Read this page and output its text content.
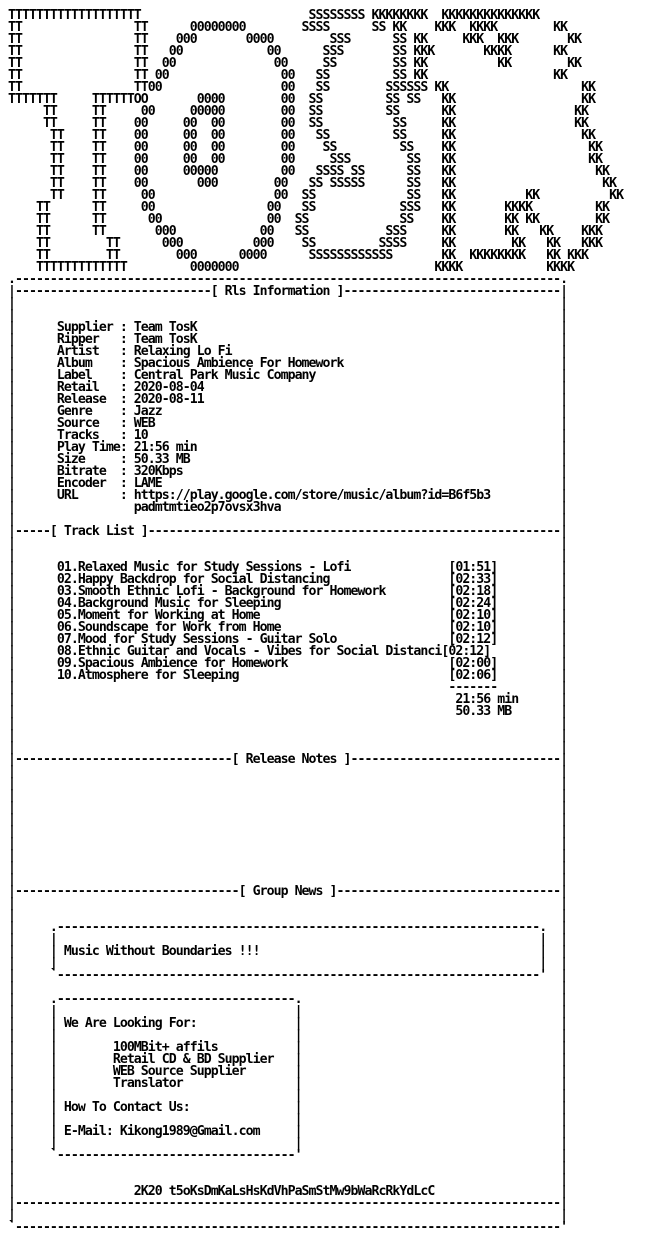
TTTTTTTTTTTTTTTTTTT                        SSSSSSSS KKKKKKKK  KKKKKKKKKKKKKK
TT                TT      00000000        SSSS      SS KK    KKK  KKKK        KK
TT                TT    000       0000        SSS      SS KK     KKK  KKK       KK
TT                TT   00            00      SSS       SS KKK       KKKK      KK
TT                TT  00              00     SS        SS KK          KK        KK
TT                TT 00                00   SS         SS KK                  KK
TT                TT00                 00   SS        SSSSSS KK                   KK
TTTTTTT     TTTTTTOO       0000        00  SS         SS SS   KK                  KK
TT     TT     00     00000        00  SS         SS      KK                 KK
TT     TT    00     00  00        00  SS          SS     KK                 KK
TT    TT    00     00  00        00   SS         SS     KK                  KK
TT    TT    00     00  00        00    SS         SS    KK                   KK
TT    TT    00     00  00        00     SSS        SS   KK                   KK
TT    TT    00     00000         00   SSSS SS      SS   KK                    KK
TT    TT    00       000        00   SS SSSSS      SS   KK                     KK
TT    TT     00                 00  SS             SS   KK          KK          KK
TT      TT     00                00   SS            SSS   KK       KKKK         KK
TT      TT      00               00  SS             SS    KK       KK KK        KK
TT      TT       000            00   SS           SSS     KK       KK   KK    KKK
TT        TT      000          000    SS         SSSS     KK        KK   KK   KKK
TT        TT        000      0000      SSSSSSSSSSSS       KK  KKKKKKKK   KK KKK
TTTTTTTTTTTTT         0000000                            KKKK            KKKK
.------------------------------------------------------------------------------.
|----------------------------[ Rls Information ]-------------------------------|
|                                                                              |
|                                                                              |
|      Supplier : Team TosK                                                    |
|      Ripper   : Team TosK                                                    |
|      Artist   : Relaxing Lo Fi                                               |
|      Album    : Spacious Ambience For Homework                               |
|      Label    : Central Park Music Company                                   |
|      Retail   : 2020-08-04                                                   |
|      Release  : 2020-08-11                                                   |
|      Genre    : Jazz                                                         |
|      Source   : WEB                                                          |
|      Tracks   : 10                                                           |
|      Play Time: 21:56 min                                                    |
|      Size     : 50.33 MB                                                     |
|      Bitrate  : 320Kbps                                                      |
|      Encoder  : LAME                                                         |
|      URL      : https://play.google.com/store/music/album?id=B6f5b3          |
|                 padmtmtieo2p7ovsx3hva                                        |
|                                                                              |
|-----[ Track List ]-----------------------------------------------------------|
|                                                                              |
|                                                                              |
|      01.Relaxed Music for Study Sessions - Lofi              [01:51]         |
|      02.Happy Backdrop for Social Distancing                 [02:33]         |
|      03.Smooth Ethnic Lofi - Background for Homework         [02:18]         |
|      04.Background Music for Sleeping                        [02:24]         |
|      05.Moment for Working at Home                           [02:10]         |
|      06.Soundscape for Work from Home                        [02:10]         |
|      07.Mood for Study Sessions - Guitar Solo                [02:12]         |
|      08.Ethnic Guitar and Vocals - Vibes for Social Distanci[02:12]          |
|      09.Spacious Ambience for Homework                       [02:00]         |
|      10.Atmosphere for Sleeping                              [02:06]         |
|                                                              -------         |
|                                                               21:56 min      |
|                                                               50.33 MB       |
|                                                                              |
|                                                                              |
|                                                                              |
|-------------------------------[ Release Notes ]------------------------------|
|                                                                              |
|                                                                              |
|                                                                              |
|                                                                              |
|                                                                              |
|                                                                              |
|                                                                              |
|                                                                              |
|                                                                              |
|                                                                              |
|--------------------------------[ Group News ]--------------------------------|
|                                                                              |
|                                                                              |
|     .---------------------------------------------------------------------.  |
|     |                                                                     |  |
|     | Music Without Boundaries !!!                                        |  |
|     |                                                                     |  |
|     `---------------------------------------------------------------------'  |
|                                                                              |
|     .----------------------------------.                                     |
|     |                                  |                                     |
|     | We Are Looking For:              |                                     |
|     |                                  |                                     |
|     |        100MBit+ affils           |                                     |
|     |        Retail CD & BD Supplier   |                                     |
|     |        WEB Source Supplier       |                                     |
|     |        Translator                |                                     |
|     |                                  |                                     |
|     | How To Contact Us:               |                                     |
|     |                                  |                                     |
|     | E-Mail: Kikong1989@Gmail.com     |                                     |
|     |                                  |                                     |
|     `----------------------------------'                                     |
|                                                                              |
|                                                                              |
|                 2K20 t5oKsDmKaLsHsKdVhPaSmStMw9bWaRcRkYdLcC                  |
|------------------------------------------------------------------------------|
|                                                                              |
`------------------------------------------------------------------------------'
